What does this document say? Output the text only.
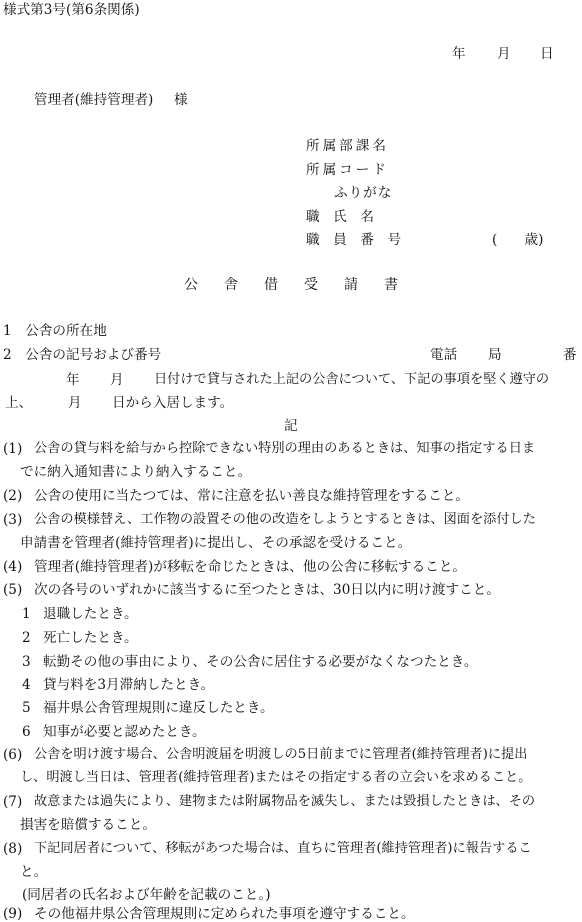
様式第3号(第6条関係)
年 月 日
管理者(維持管理者) 様
所属部課名
所属コード
ふりがな
職　氏　名
職　員　番　号	(　　歳)
公 舎 借 受 請 書
1　公舎の所在地
2　公舎の記号および番号	電話 局	番
年 月 日付けで貸与された上記の公舎について、下記の事項を堅く遵守の
上、	月 日から入居します。
記
(1) 公舎の貸与料を給与から控除できない特別の理由のあるときは、知事の指定する日ま
でに納入通知書により納入すること。
(2) 公舎の使用に当たつては、常に注意を払い善良な維持管理をすること。
(3) 公舎の模様替え、工作物の設置その他の改造をしようとするときは、図面を添付した
申請書を管理者(維持管理者)に提出し、その承認を受けること。
(4) 管理者(維持管理者)が移転を命じたときは、他の公舎に移転すること。
(5) 次の各号のいずれかに該当するに至つたときは、30日以内に明け渡すこと。
1 退職したとき。
2 死亡したとき。
3 転勤その他の事由により、その公舎に居住する必要がなくなつたとき。
4 貸与料を3月滞納したとき。
5 福井県公舎管理規則に違反したとき。
6 知事が必要と認めたとき。
(6) 公舎を明け渡す場合、公舎明渡届を明渡しの5日前までに管理者(維持管理者)に提出
し、明渡し当日は、管理者(維持管理者)またはその指定する者の立会いを求めること。
(7) 故意または過失により、建物または附属物品を滅失し、または毀損したときは、その
損害を賠償すること。
(8) 下記同居者について、移転があつた場合は、直ちに管理者(維持管理者)に報告するこ
と。
(同居者の氏名および年齢を記載のこと。)
(9) その他福井県公舎管理規則に定められた事項を遵守すること。
